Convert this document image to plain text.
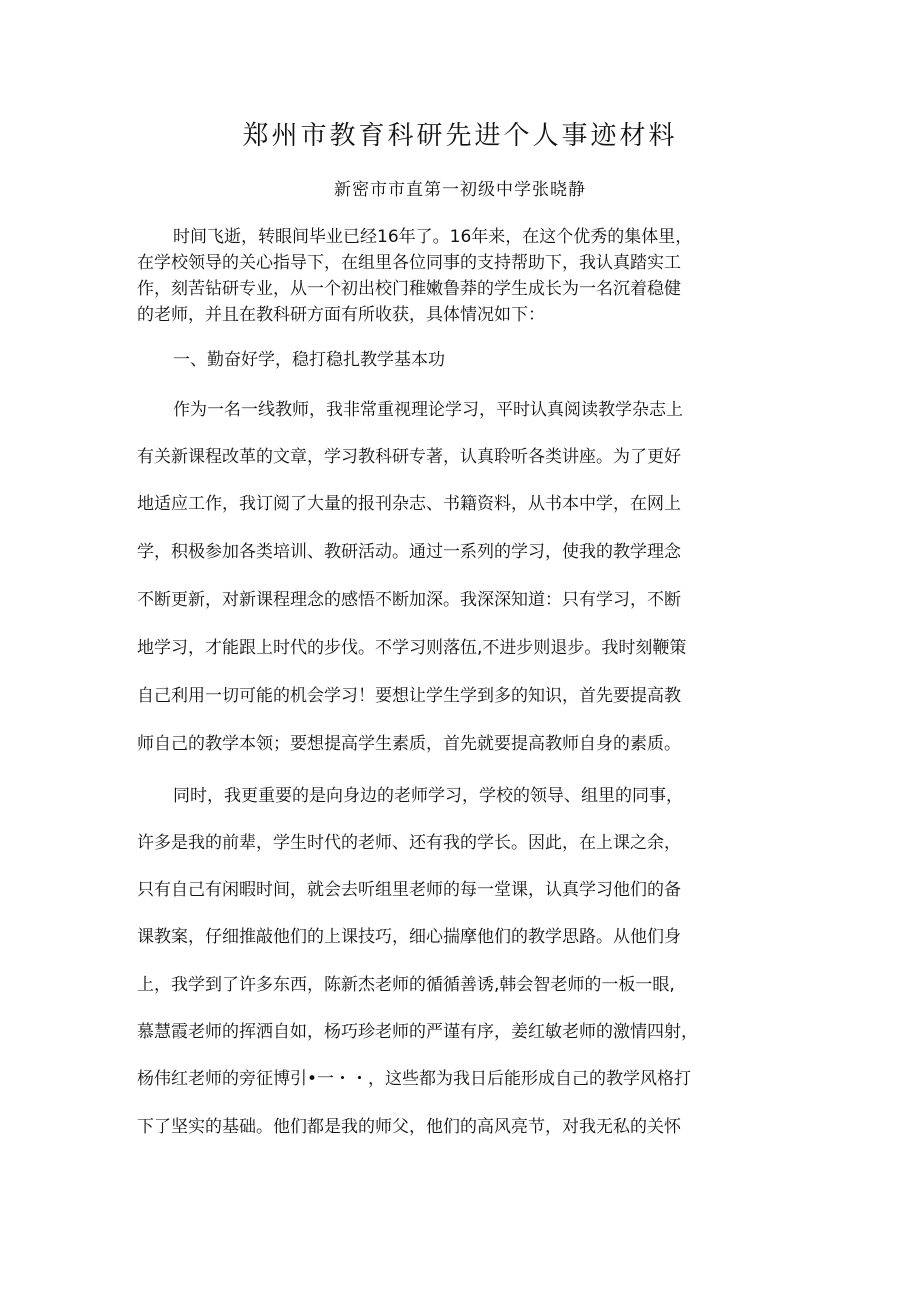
郑州市教育科研先进个人事迹材料

新密市市直第一初级中学张晓静

时间飞逝，转眼间毕业已经16年了。16年来，在这个优秀的集体里，

在学校领导的关心指导下，在组里各位同事的支持帮助下，我认真踏实工

作，刻苦钻研专业，从一个初出校门稚嫩鲁莽的学生成长为一名沉着稳健

的老师，并且在教科研方面有所收获，具体情况如下：

一、勤奋好学，稳打稳扎教学基本功

作为一名一线教师，我非常重视理论学习，平时认真阅读教学杂志上

有关新课程改革的文章，学习教科研专著，认真聆听各类讲座。为了更好

地适应工作，我订阅了大量的报刊杂志、书籍资料，从书本中学，在网上

学，积极参加各类培训、教研活动。通过一系列的学习，使我的教学理念

不断更新，对新课程理念的感悟不断加深。我深深知道：只有学习，不断

地学习，才能跟上时代的步伐。不学习则落伍,不进步则退步。我时刻鞭策

自己利用一切可能的机会学习！要想让学生学到多的知识，首先要提高教

师自己的教学本领；要想提高学生素质，首先就要提高教师自身的素质。

同时，我更重要的是向身边的老师学习，学校的领导、组里的同事，

许多是我的前辈，学生时代的老师、还有我的学长。因此，在上课之余，

只有自己有闲暇时间，就会去听组里老师的每一堂课，认真学习他们的备

课教案，仔细推敲他们的上课技巧，细心揣摩他们的教学思路。从他们身

上，我学到了许多东西，陈新杰老师的循循善诱,韩会智老师的一板一眼,

慕慧霞老师的挥洒自如，杨巧珍老师的严谨有序，姜红敏老师的激情四射，

杨伟红老师的旁征博引•一・・，这些都为我日后能形成自己的教学风格打

下了坚实的基础。他们都是我的师父，他们的高风亮节，对我无私的关怀
